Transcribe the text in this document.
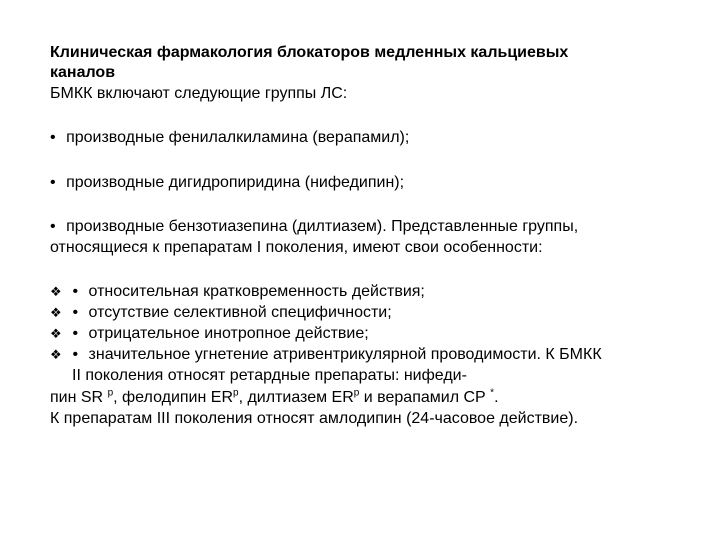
Клиническая фармакология блокаторов медленных кальциевых
каналов
БМКК включают следующие группы ЛС:
• производные фенилалкиламина (верапамил);
• производные дигидропиридина (нифедипин);
• производные бензотиазепина (дилтиазем). Представленные группы,
относящиеся к препаратам I поколения, имеют свои особенности:
❖ • относительная кратковременность действия;
❖ • отсутствие селективной специфичности;
❖ • отрицательное инотропное действие;
❖ • значительное угнетение атривентрикулярной проводимости. К БМКК
II поколения относят ретардные препараты: нифеди-
пин SR $^р$, фелодипин $ER^р$, дилтиазем $ER^р$ и верапамил СР *.
К препаратам III поколения относят амлодипин (24-часовое действие).
